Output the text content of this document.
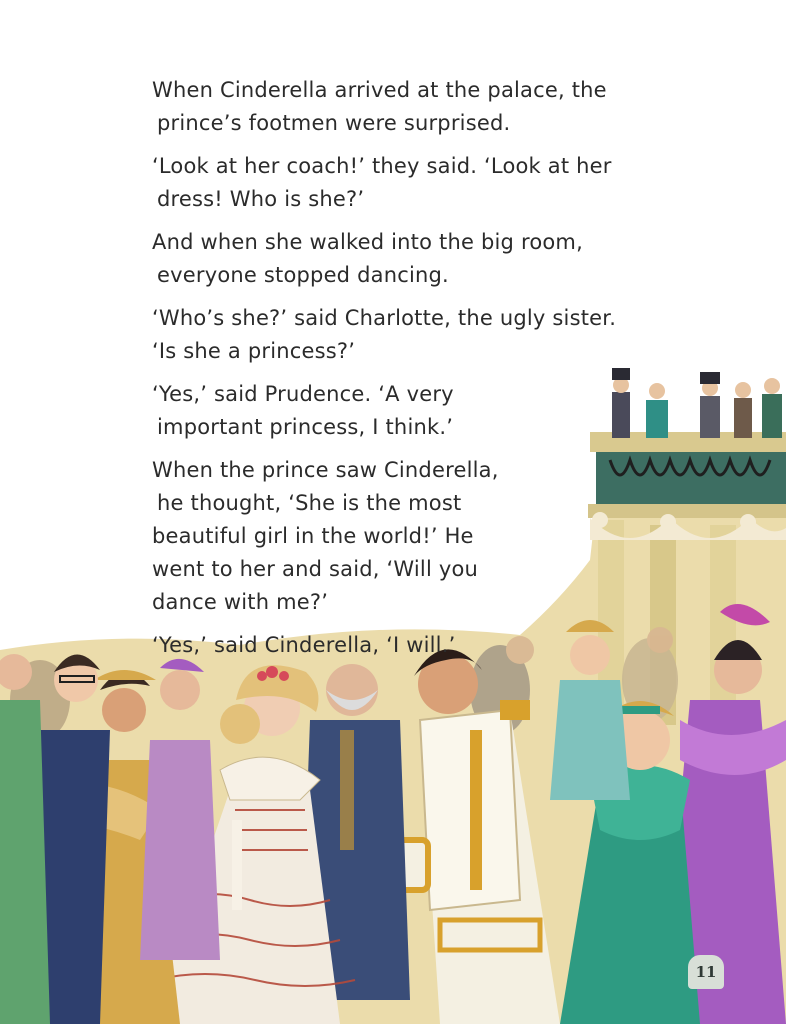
When Cinderella arrived at the palace, the
prince’s footmen were surprised.

‘Look at her coach!’ they said. ‘Look at her
dress! Who is she?’

And when she walked into the big room,
everyone stopped dancing.

‘Who’s she?’ said Charlotte, the ugly sister.
‘Is she a princess?’

‘Yes,’ said Prudence. ‘A very
important princess, I think.’

When the prince saw Cinderella,
he thought, ‘She is the most
beautiful girl in the world!’ He
went to her and said, ‘Will you
dance with me?’

‘Yes,’ said Cinderella, ‘I will.’

11
